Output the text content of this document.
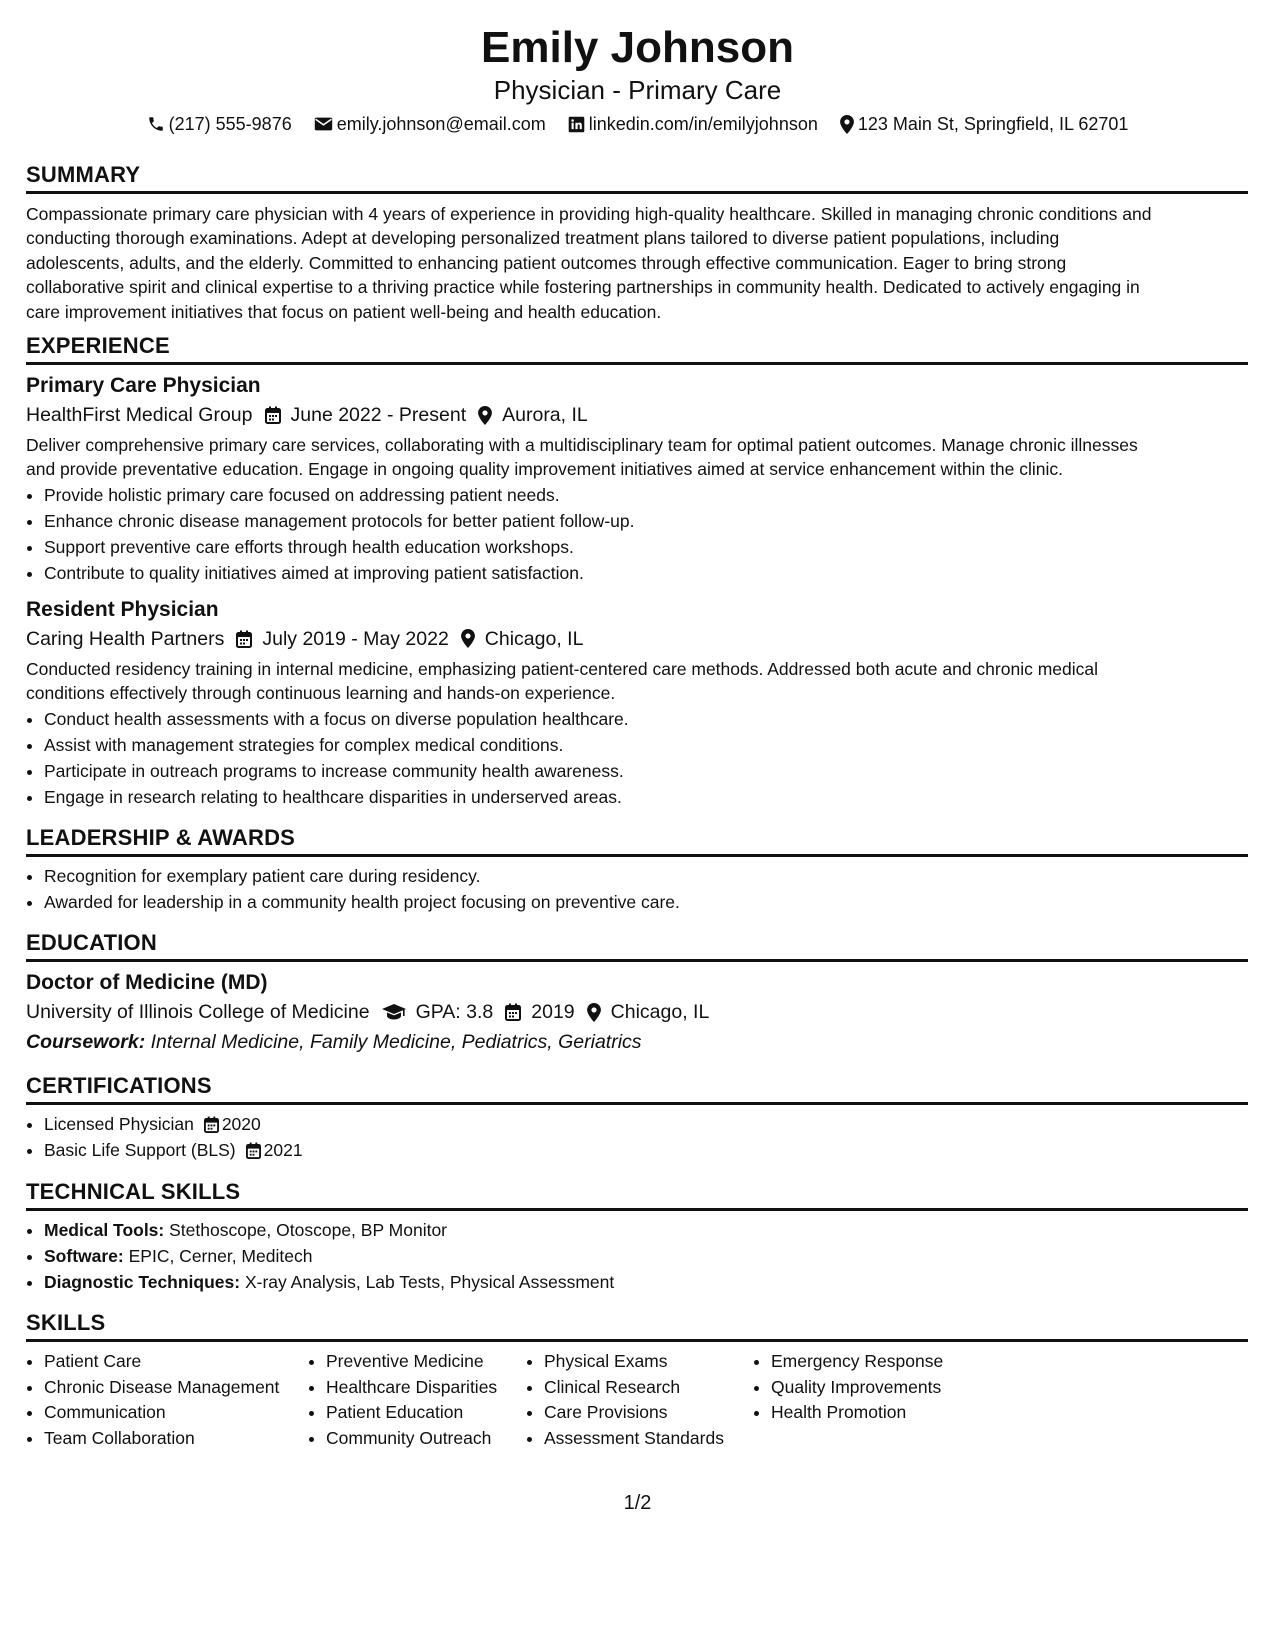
Emily Johnson
Physician - Primary Care
(217) 555-9876	emily.johnson@email.com linkedin.com/in/emilyjohnson 123 Main St, Springfield, IL 62701
SUMMARY

Compassionate primary care physician with 4 years of experience in providing high-quality healthcare. Skilled in managing chronic conditions and

conducting thorough examinations. Adept at developing personalized treatment plans tailored to diverse patient populations, including

adolescents, adults, and the elderly. Committed to enhancing patient outcomes through effective communication. Eager to bring strong

collaborative spirit and clinical expertise to a thriving practice while fostering partnerships in community health. Dedicated to actively engaging in

care improvement initiatives that focus on patient well-being and health education.

EXPERIENCE

Primary Care Physician

HealthFirst Medical Group June 2022 - Present Aurora, IL

Deliver comprehensive primary care services, collaborating with a multidisciplinary team for optimal patient outcomes. Manage chronic illnesses

and provide preventative education. Engage in ongoing quality improvement initiatives aimed at service enhancement within the clinic.

• Provide holistic primary care focused on addressing patient needs.
• Enhance chronic disease management protocols for better patient follow-up.
• Support preventive care efforts through health education workshops.
• Contribute to quality initiatives aimed at improving patient satisfaction.

Resident Physician

Caring Health Partners July 2019 - May 2022 Chicago, IL

Conducted residency training in internal medicine, emphasizing patient-centered care methods. Addressed both acute and chronic medical

conditions effectively through continuous learning and hands-on experience.

• Conduct health assessments with a focus on diverse population healthcare.
• Assist with management strategies for complex medical conditions.
• Participate in outreach programs to increase community health awareness.
• Engage in research relating to healthcare disparities in underserved areas.
LEADERSHIP & AWARDS
• Recognition for exemplary patient care during residency.
• Awarded for leadership in a community health project focusing on preventive care.
EDUCATION

Doctor of Medicine (MD)

University of Illinois College of Medicine GPA: 3.8 2019 Chicago, IL

Coursework: Internal Medicine, Family Medicine, Pediatrics, Geriatrics

CERTIFICATIONS
• Licensed Physician 2020
• Basic Life Support (BLS) 2021
TECHNICAL SKILLS
• Medical Tools: Stethoscope, Otoscope, BP Monitor
• Software: EPIC, Cerner, Meditech
• Diagnostic Techniques: X-ray Analysis, Lab Tests, Physical Assessment
SKILLS
• Patient Care
• Chronic Disease Management
• Communication
• Team Collaboration
• Preventive Medicine
• Healthcare Disparities
• Patient Education
• Community Outreach
• Physical Exams
• Clinical Research
• Care Provisions
• Assessment Standards
• Emergency Response
• Quality Improvements
• Health Promotion
1/2
